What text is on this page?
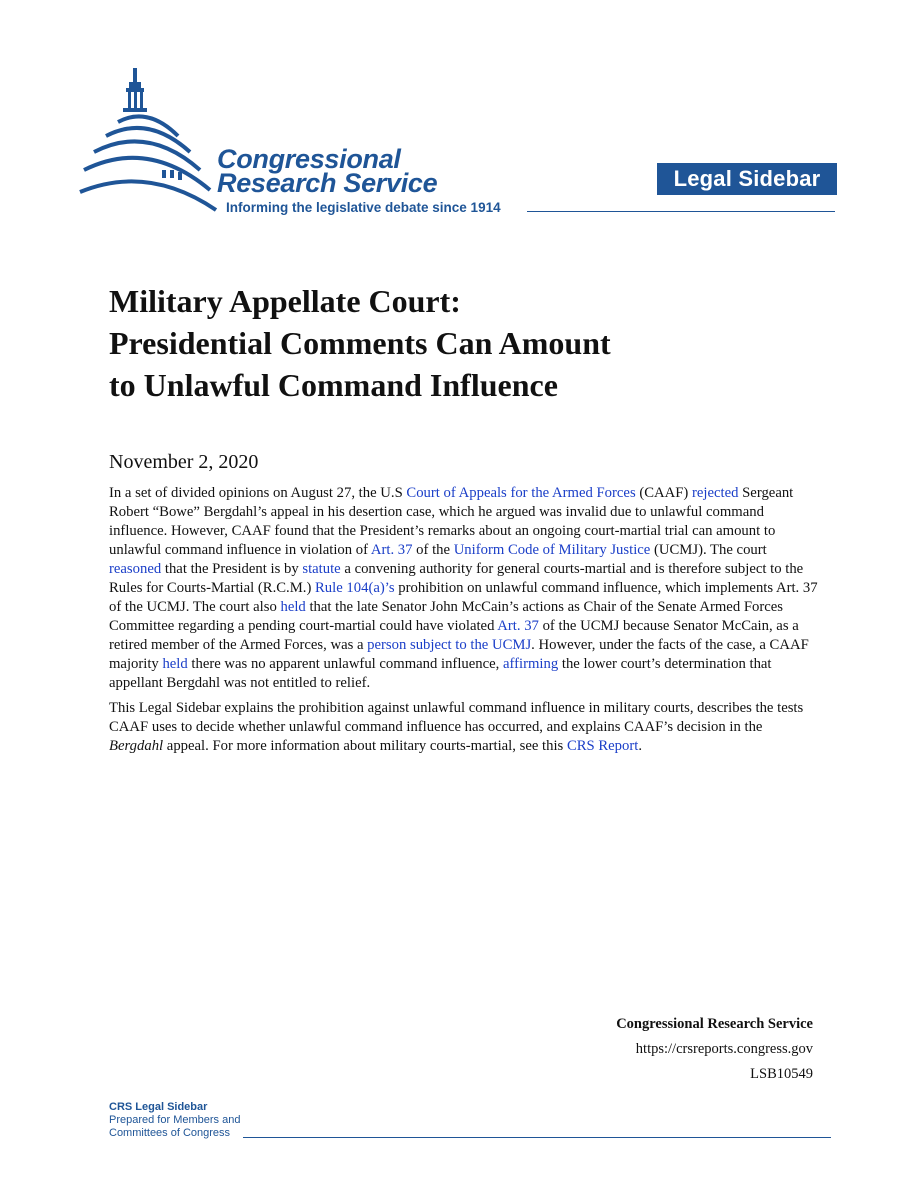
Congressional
Research Service
Informing the legislative debate since 1914
Legal Sidebar
Military Appellate Court:
Presidential Comments Can Amount
to Unlawful Command Influence
November 2, 2020

In a set of divided opinions on August 27, the U.S Court of Appeals for the Armed Forces (CAAF) rejected Sergeant Robert “Bowe” Bergdahl’s appeal in his desertion case, which he argued was invalid due to unlawful command influence. However, CAAF found that the President’s remarks about an ongoing court-martial trial can amount to unlawful command influence in violation of Art. 37 of the Uniform Code of Military Justice (UCMJ). The court reasoned that the President is by statute a convening authority for general courts-martial and is therefore subject to the Rules for Courts-Martial (R.C.M.) Rule 104(a)’s prohibition on unlawful command influence, which implements Art. 37 of the UCMJ. The court also held that the late Senator John McCain’s actions as Chair of the Senate Armed Forces Committee regarding a pending court-martial could have violated Art. 37 of the UCMJ because Senator McCain, as a retired member of the Armed Forces, was a person subject to the UCMJ. However, under the facts of the case, a CAAF majority held there was no apparent unlawful command influence, affirming the lower court’s determination that appellant Bergdahl was not entitled to relief.

This Legal Sidebar explains the prohibition against unlawful command influence in military courts, describes the tests CAAF uses to decide whether unlawful command influence has occurred, and explains CAAF’s decision in the Bergdahl appeal. For more information about military courts-martial, see this CRS Report.

Congressional Research Service
https://crsreports.congress.gov
LSB10549
CRS Legal Sidebar
Prepared for Members and
Committees of Congress
